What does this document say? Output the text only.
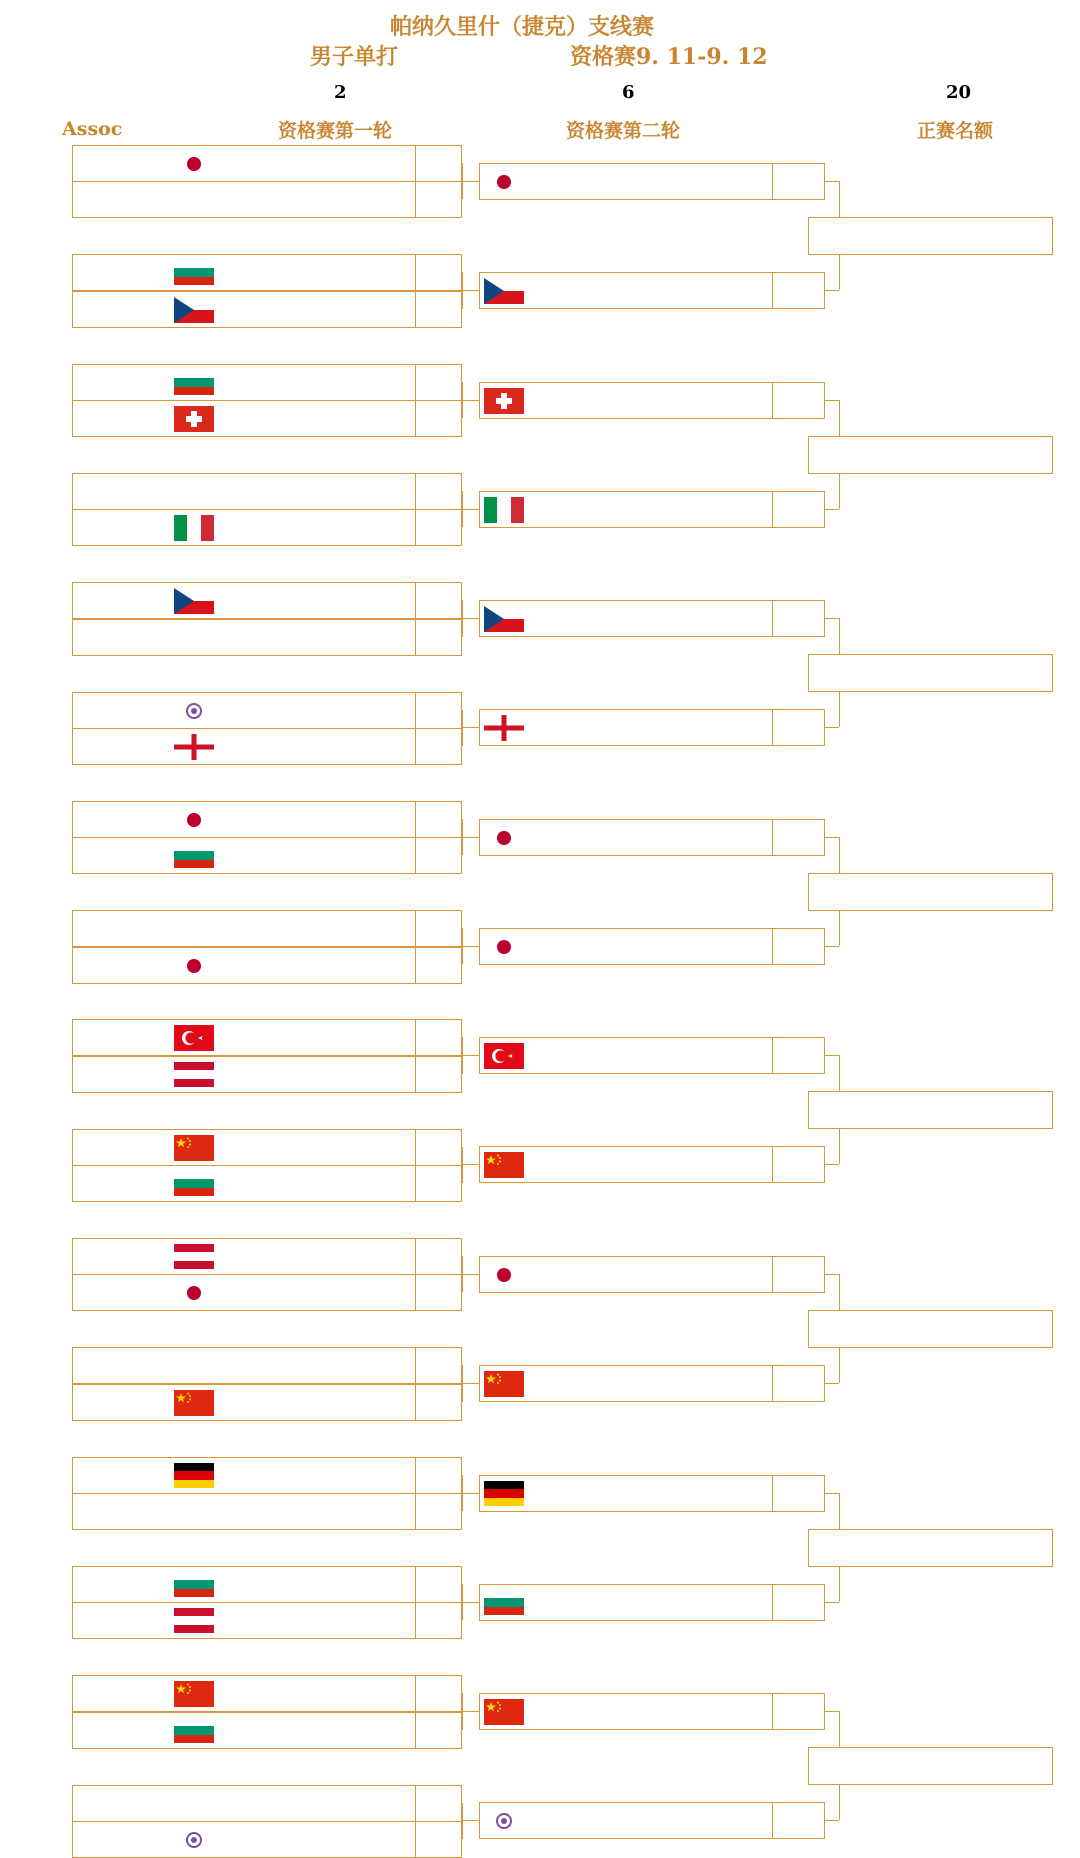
帕纳久里什（捷克）支线赛
男子单打	资格赛9. 11-9. 12
2	6	20
Assoc	资格赛第一轮	资格赛第二轮	正赛名额
